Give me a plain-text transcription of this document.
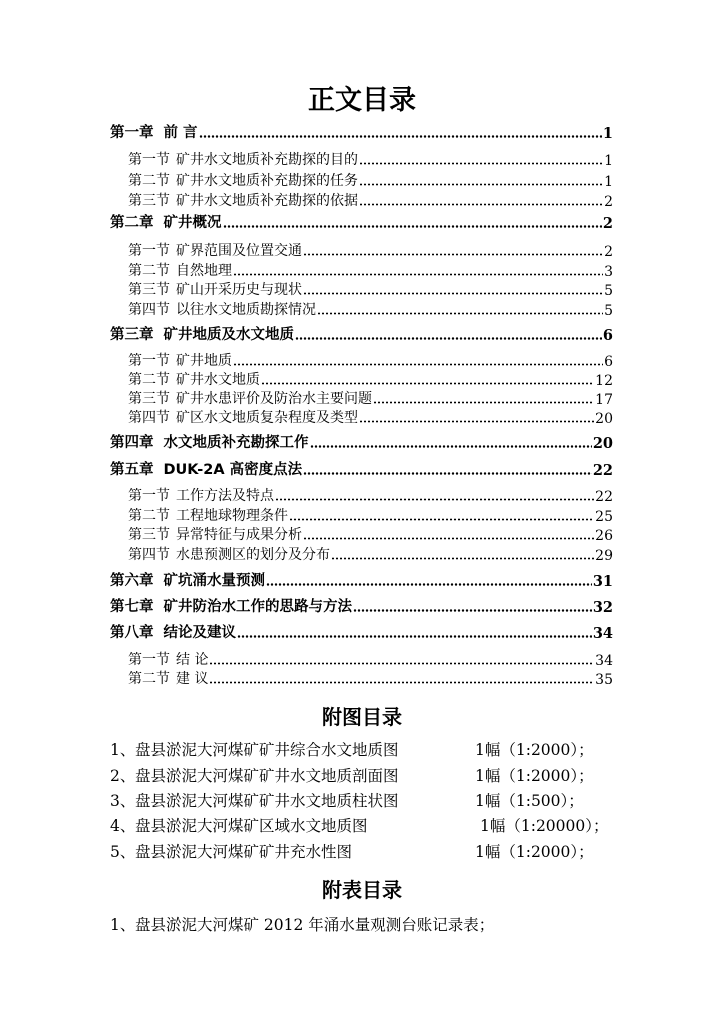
正文目录
第一章 前 言	1
第一节 矿井水文地质补充勘探的目的	1
第二节 矿井水文地质补充勘探的任务	1
第三节 矿井水文地质补充勘探的依据	2
第二章 矿井概况	2
第一节 矿界范围及位置交通	2
第二节 自然地理	3
第三节 矿山开采历史与现状	5
第四节 以往水文地质勘探情况	5
第三章 矿井地质及水文地质	6
第一节 矿井地质	6
第二节 矿井水文地质	12
第三节 矿井水患评价及防治水主要问题	17
第四节 矿区水文地质复杂程度及类型	20
第四章 水文地质补充勘探工作	20
第五章 DUK-2A 高密度点法	22
第一节 工作方法及特点	22
第二节 工程地球物理条件	25
第三节 异常特征与成果分析	26
第四节 水患预测区的划分及分布	29
第六章 矿坑涌水量预测	31
第七章 矿井防治水工作的思路与方法	32
第八章 结论及建议	34
第一节 结 论	34
第二节 建 议	35
附图目录
1、 盘县淤泥大河煤矿矿井综合水文地质图	1幅（1:2000）；
2、 盘县淤泥大河煤矿矿井水文地质剖面图	1幅（1:2000）；
3、 盘县淤泥大河煤矿矿井水文地质柱状图	1幅（1:500）；
4、 盘县淤泥大河煤矿区域水文地质图	1幅（1:20000）；
5、 盘县淤泥大河煤矿矿井充水性图	1幅（1:2000）；
附表目录
1、 盘县淤泥大河煤矿 2012 年涌水量观测台账记录表；
